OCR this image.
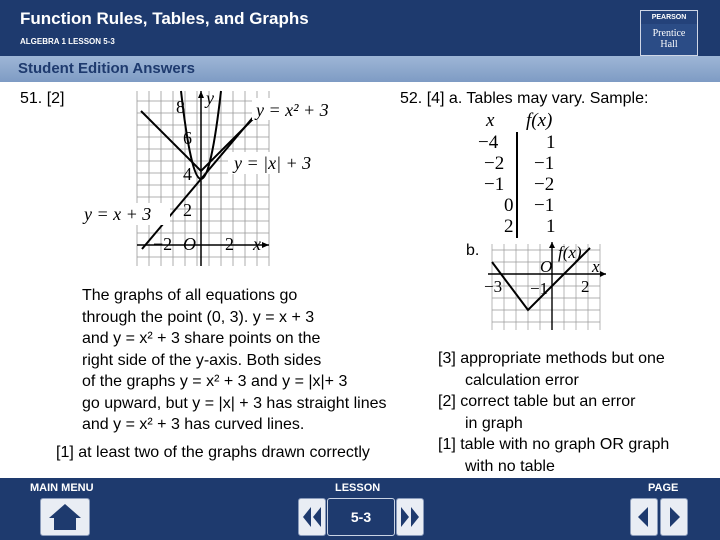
Function Rules, Tables, and Graphs
ALGEBRA 1 LESSON 5-3
PEARSON
Prentice
Hall
Student Edition Answers
51. [2]	y
x
8
6
4
2
−2 O 2
y = x² + 3
y = |x| + 3
y = x + 3
The graphs of all equations go
through the point (0, 3). y = x + 3
and y = x² + 3 share points on the
right side of the y-axis. Both sides
of the graphs y = x² + 3 and y = |x|+ 3
go upward, but y = |x| + 3 has straight lines
and y = x² + 3 has curved lines.
[1] at least two of the graphs drawn correctly
52. [4] a. Tables may vary. Sample:
x f(x)
−4	1
−2 −1
−1 −2
0 −1
2 1
b.	f(x)
x
O
−3 −1 2
[3] appropriate methods but one
calculation error
[2] correct table but an error
in graph
[1] table with no graph OR graph
with no table
MAIN MENU	LESSON	PAGE
5-3
